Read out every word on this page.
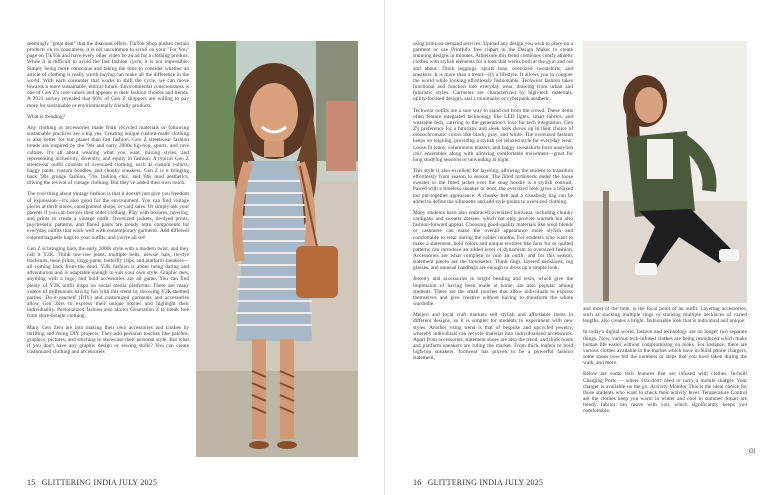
seemingly "great deal" that the discount offers. TikTok Shop pushes certain products on its consumers, it is not uncommon to scroll on your "For You" page on TikTok and have every other video be an ad for a clothing product. While it is difficult to avoid the fast fashion cycle, it is not impossible. Simply being more conscious and taking the time to consider whether an article of clothing is really worth buying can make all the difference in the world. With each consumer that works to shift the cycle, we can move towards a more sustainable, ethical future. Environmental consciousness is one of Gen Z's core values and appears in their fashion choices and trends. A 2021 survey revealed that 66% of Gen Z shoppers are willing to pay more for sustainable or environmentally friendly products.

What is trending?

Any clothing or accessories made from recycled materials or following sustainable practices are a big yes. Creating unique custom-made clothing is also better for our planet than fast fashion. Gen Z streetwear fashion trends are inspired by the '90s and early 2000s hip-hop, sports, and rave culture. It's all about wearing what you want, mixing styles, and representing inclusivity, diversity, and equity in fashion. A typical Gen Z streetwear outfit consists of oversized clothing, such as custom t-shirts, baggy pants, custom hoodies, and chunky sneakers. Gen Z is it bringing back '90s grunge fashion, '70s fashion chic, and '80s mod aesthetics, driving the revival of vintage clothing. But they've added their own touch.

The cool thing about vintage fashion is that it doesn't just give you freedom of expression—it's also good for the environment. You can find vintage pieces at thrift stores, consignment shops, or yard sales. Or simply ask your parents if you can borrow their older clothing. Play with textures, layering, and prints to create a vintage outfit. Oversized jackets, tie-dyed prints, psychedelic patterns, and flared pants are trendy retro components for everyday outfits that work well with contemporary garments. Add different colored baguette bags to your outfits, and you're all set!

Gen Z is bringing back the early 2000s style with a modern twist, and they call it Y2K. Think low-rise jeans, multiple belts, newsie hats, tie-dye tracksuits, neon prints, cargo pants, butterfly clips, and platform sneakers—all coming back from the dead. Y2K fashion is about being daring and adventurous and is adaptable enough to suit your own style. Graphic tees, anything with a logo, and bold accessories are all game. You can find plenty of Y2K outfit inspo on social media platforms. There are many videos of millennials having fun with this trend by throwing Y2K-themed parties. Do-it-yourself (DIY) and customized garments and accessories allow Gen Zers to express their unique stories and highlight their individuality. Personalized fashion also allows Generation Z to break free from store-bought clothing.

Many Gen Zers are into making their own accessories and clothes by thrifting and doing DIY projects. They add personal touches like patches, graphics, pictures, and stitching to showcase their personal style. But what if you don't have any graphic design or sewing skills? You can create customized clothing and accessories

15 GLITTERING INDIA JULY 2025

using print-on-demand services. Upload any design you wish to place on a garment or use Printful's free clipart in the Design Maker to create stunning designs in minutes. Athleisure this trend combines comfy athletic clothes with stylish elements for a look that works both at the gym and out and about. Think leggings, sports bras, oversized sweatshirts, and sneakers. It is more than a trend—it's a lifestyle. It allows you to conquer the world while looking effortlessly fashionable. Techwear fashion takes functional and function into everyday wear, drawing from urban and futuristic styles. Garments are characterized by high-tech materials, utility-focused designs, and a minimalist or cyberpunk aesthetic.

Techwear outfits are a sure way to stand out from the crowd. These items often feature integrated technology like LED lights, smart fabrics, and wearable tech, catering to the generation's love for tech integration. Gen Z's preference for a futuristic and sleek look shows up in their choice of monochromatic colors like black, gray, and white. The oversized fashion keeps on reigning, providing a stylish yet relaxed style for everyday wear. Loose fit jeans, voluminous blazers, and baggy sweatshirts form unstylish chic ensembles along with allowing comfortable movement—great for long studying sessions or unwinding at night.

This style is also excellent for layering, allowing the student to transition effortlessly from season to season. The fitted turtleneck under the loose sweater or the fitted jacket over the snug hoodie is a stylish contrast. Paired with a timeless sneaker or boot, the oversized look gives a relaxed but put-together appearance. A chunky belt and a crossbody bag can be added to define the silhouette and add style points to oversized clothing.

Many students have also embraced oversized knitwear, including chunky cardigans and sweater dresses, which not only provide warmth but also fashion-forward appeal. Choosing good-quality materials like wool blends or cashmere can make the overall appearance more stylish and comfortable to wear during the colder months. For students who want to make a statement, bold colors and unique textures like faux fur or quilted patterns can introduce an added level of dynamism to oversized fashion. Accessories are what complete or ruin an outfit, and for this season, statement pieces are the trendsetter. Think rings, layered necklaces, big glasses, and unusual handbags are enough to dress up a simple look.

Jewelry and accessories in bright beading and resin, which give the impression of having been made at home, are also popular among students. These are the small touches that allow individuals to express themselves and give creative without having to transform the whole wardrobe.

Meijeri and local craft markets sell stylish and affordable items in different designs, so it is simpler for students to experiment with new styles. Another rising trend is that of bespoke and upcycled jewelry, whereby individuals can recycle material into individualized accessories. Apart from accessories, statement shoes are also the trend, and thick boots and platform sneakers are ruling the market. From thick loafers to bold high-top sneakers, footwear has proven to be a powerful fashion statement,

and most of the time, is the focal point of an outfit. Layering accessories, such as stacking multiple rings or stacking multiple necklaces of varied lengths, also creates a bright, fashionable look that is individual and unique.

In today's digital world, fashion and technology are no longer two separate things. Now, various tech-infused clothes are being introduced which make human life easier without compromising on looks. For instance, there are various clothes available in the market which have in-build phone chargers, some shoes now tell the numbers or steps that you have taken during the walk, and more.

Below are some tech features that are infused with clothes. In-built Charging Ports — where you don't need to carry a mobile charger. Your charger is available on the go. Activity Monitor This is the ideal choice for those students who want to check their activity level. Temperature Control are the clothes keep you warm in winter and cool in summer. Smart are trendy fabrics can move with you, which significantly keeps you comfortable.

GI
16 GLITTERING INDIA JULY 2025
